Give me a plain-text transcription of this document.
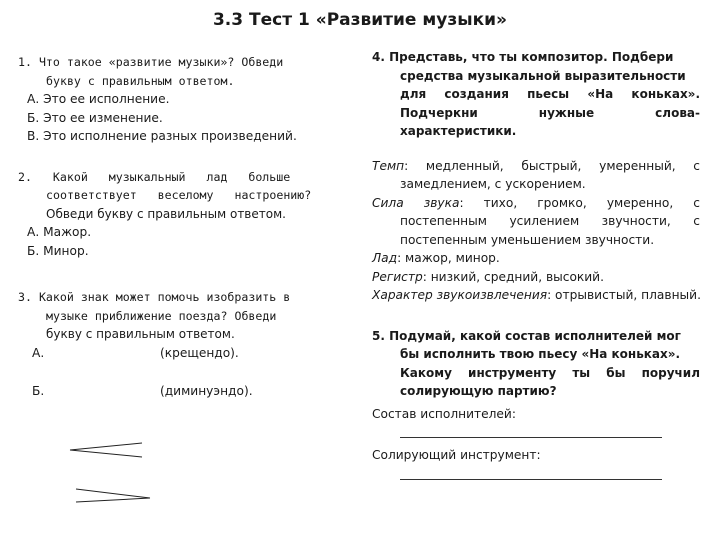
3.3 Тест 1 «Развитие музыки»
1. Что такое «развитие музыки»? Обведи
букву с правильным ответом.
А. Это ее исполнение.
Б. Это ее изменение.
В. Это исполнение разных произведений.
2.   Какой   музыкальный   лад   больше
соответствует   веселому   настроению?
Обведи букву с правильным ответом.
А. Мажор.
Б. Минор.
3. Какой знак может помочь изобразить в
музыке приближение поезда? Обведи
букву с правильным ответом.
А.	(крещендо).
Б.	(диминуэндо).
4. Представь, что ты композитор. Подбери
средства музыкальной выразительности
для создания пьесы «На коньках».
Подчеркни нужные слова-характеристики.
Темп: медленный, быстрый, умеренный, с
замедлением, с ускорением.
Сила звука: тихо, громко, умеренно, с
постепенным усилением звучности, с
постепенным уменьшением звучности.
Лад: мажор, минор.
Регистр: низкий, средний, высокий.
Характер звукоизвлечения: отрывистый, плавный.
5. Подумай, какой состав исполнителей мог
бы исполнить твою пьесу «На коньках».
Какому инструменту ты бы поручил
солирующую партию?
Состав исполнителей:
Солирующий инструмент:
